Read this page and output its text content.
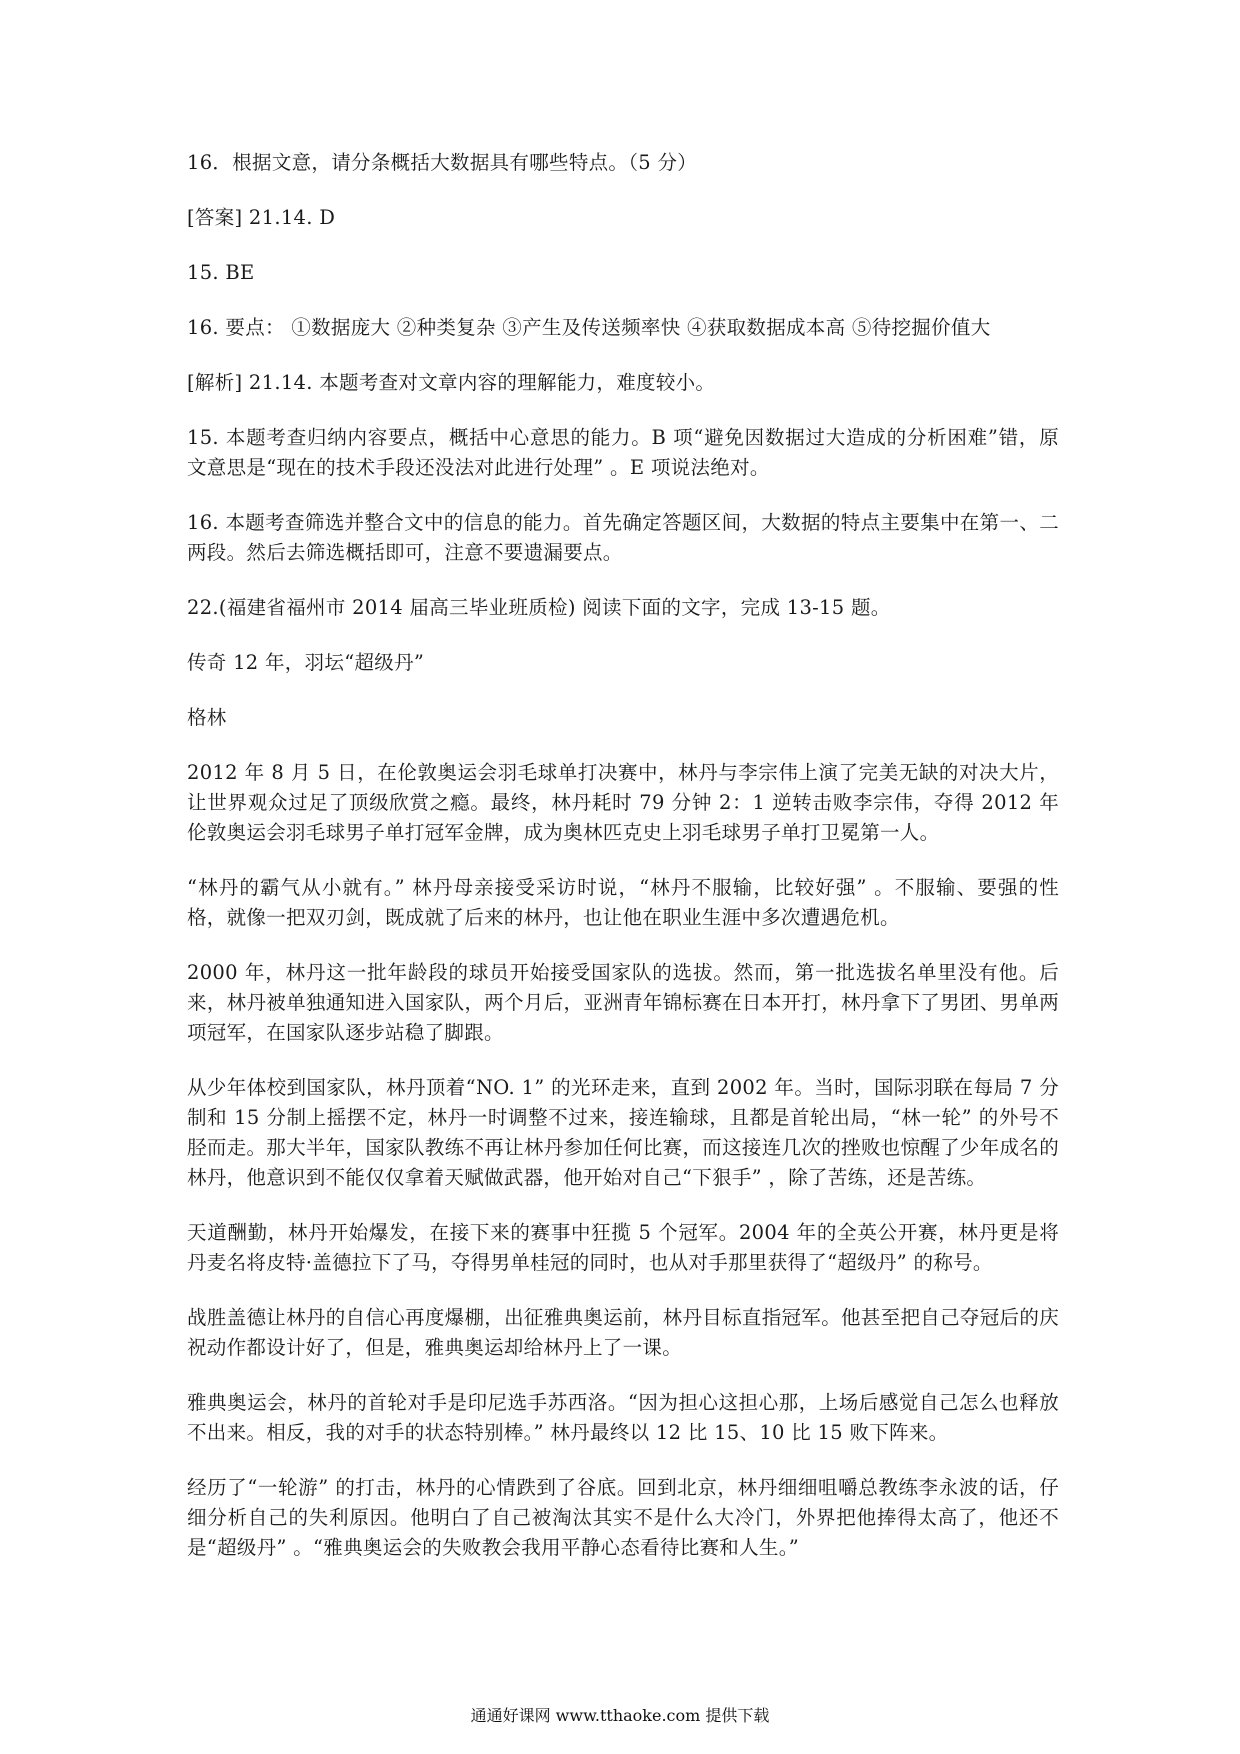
16．根据文意，请分条概括大数据具有哪些特点。（5 分）

[答案] 21.14. D

15. BE

16. 要点： ①数据庞大 ②种类复杂 ③产生及传送频率快 ④获取数据成本高 ⑤待挖掘价值大

[解析] 21.14. 本题考查对文章内容的理解能力，难度较小。

15. 本题考查归纳内容要点，概括中心意思的能力。B 项“避免因数据过大造成的分析困难”错，原文意思是“现在的技术手段还没法对此进行处理” 。E 项说法绝对。

16. 本题考查筛选并整合文中的信息的能力。首先确定答题区间，大数据的特点主要集中在第一、二两段。然后去筛选概括即可，注意不要遗漏要点。

22.(福建省福州市 2014 届高三毕业班质检) 阅读下面的文字，完成 13-15 题。

传奇 12 年，羽坛“超级丹”

格林

2012 年 8 月 5 日，在伦敦奥运会羽毛球单打决赛中，林丹与李宗伟上演了完美无缺的对决大片，让世界观众过足了顶级欣赏之瘾。最终，林丹耗时 79 分钟 2：1 逆转击败李宗伟，夺得 2012 年伦敦奥运会羽毛球男子单打冠军金牌，成为奥林匹克史上羽毛球男子单打卫冕第一人。

“林丹的霸气从小就有。” 林丹母亲接受采访时说，“林丹不服输，比较好强” 。不服输、要强的性格，就像一把双刃剑，既成就了后来的林丹，也让他在职业生涯中多次遭遇危机。

2000 年，林丹这一批年龄段的球员开始接受国家队的选拔。然而，第一批选拔名单里没有他。后来，林丹被单独通知进入国家队，两个月后，亚洲青年锦标赛在日本开打，林丹拿下了男团、男单两项冠军，在国家队逐步站稳了脚跟。

从少年体校到国家队，林丹顶着“NO. 1” 的光环走来，直到 2002 年。当时，国际羽联在每局 7 分制和 15 分制上摇摆不定，林丹一时调整不过来，接连输球，且都是首轮出局，“林一轮” 的外号不胫而走。那大半年，国家队教练不再让林丹参加任何比赛，而这接连几次的挫败也惊醒了少年成名的林丹，他意识到不能仅仅拿着天赋做武器，他开始对自己“下狠手” ，除了苦练，还是苦练。

天道酬勤，林丹开始爆发，在接下来的赛事中狂揽 5 个冠军。2004 年的全英公开赛，林丹更是将丹麦名将皮特·盖德拉下了马，夺得男单桂冠的同时，也从对手那里获得了“超级丹” 的称号。

战胜盖德让林丹的自信心再度爆棚，出征雅典奥运前，林丹目标直指冠军。他甚至把自己夺冠后的庆祝动作都设计好了，但是，雅典奥运却给林丹上了一课。

雅典奥运会，林丹的首轮对手是印尼选手苏西洛。“因为担心这担心那，上场后感觉自己怎么也释放不出来。相反，我的对手的状态特别棒。” 林丹最终以 12 比 15、10 比 15 败下阵来。

经历了“一轮游” 的打击，林丹的心情跌到了谷底。回到北京，林丹细细咀嚼总教练李永波的话，仔细分析自己的失利原因。他明白了自己被淘汰其实不是什么大冷门，外界把他捧得太高了，他还不是“超级丹” 。“雅典奥运会的失败教会我用平静心态看待比赛和人生。”

通通好课网 www.tthaoke.com 提供下载
